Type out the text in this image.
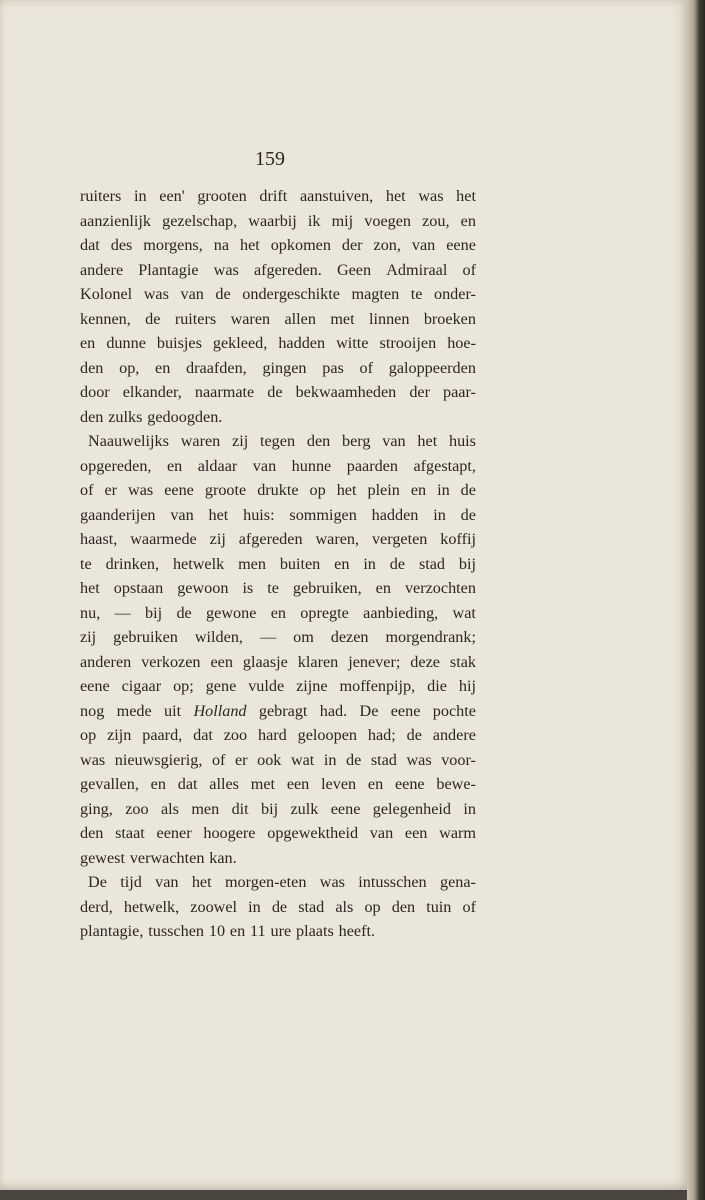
159
ruiters in een' grooten drift aanstuiven, het was het
aanzienlijk gezelschap, waarbij ik mij voegen zou, en
dat des morgens, na het opkomen der zon, van eene
andere Plantagie was afgereden. Geen Admiraal of
Kolonel was van de ondergeschikte magten te onder-
kennen, de ruiters waren allen met linnen broeken
en dunne buisjes gekleed, hadden witte strooijen hoe-
den op, en draafden, gingen pas of galoppeerden
door elkander, naarmate de bekwaamheden der paar-
den zulks gedoogden.
Naauwelijks waren zij tegen den berg van het huis
opgereden, en aldaar van hunne paarden afgestapt,
of er was eene groote drukte op het plein en in de
gaanderijen van het huis: sommigen hadden in de
haast, waarmede zij afgereden waren, vergeten koffij
te drinken, hetwelk men buiten en in de stad bij
het opstaan gewoon is te gebruiken, en verzochten
nu, — bij de gewone en opregte aanbieding, wat
zij gebruiken wilden, — om dezen morgendrank;
anderen verkozen een glaasje klaren jenever; deze stak
eene cigaar op; gene vulde zijne moffenpijp, die hij
nog mede uit Holland gebragt had. De eene pochte
op zijn paard, dat zoo hard geloopen had; de andere
was nieuwsgierig, of er ook wat in de stad was voor-
gevallen, en dat alles met een leven en eene bewe-
ging, zoo als men dit bij zulk eene gelegenheid in
den staat eener hoogere opgewektheid van een warm
gewest verwachten kan.
De tijd van het morgen-eten was intusschen gena-
derd, hetwelk, zoowel in de stad als op den tuin of
plantagie, tusschen 10 en 11 ure plaats heeft.
